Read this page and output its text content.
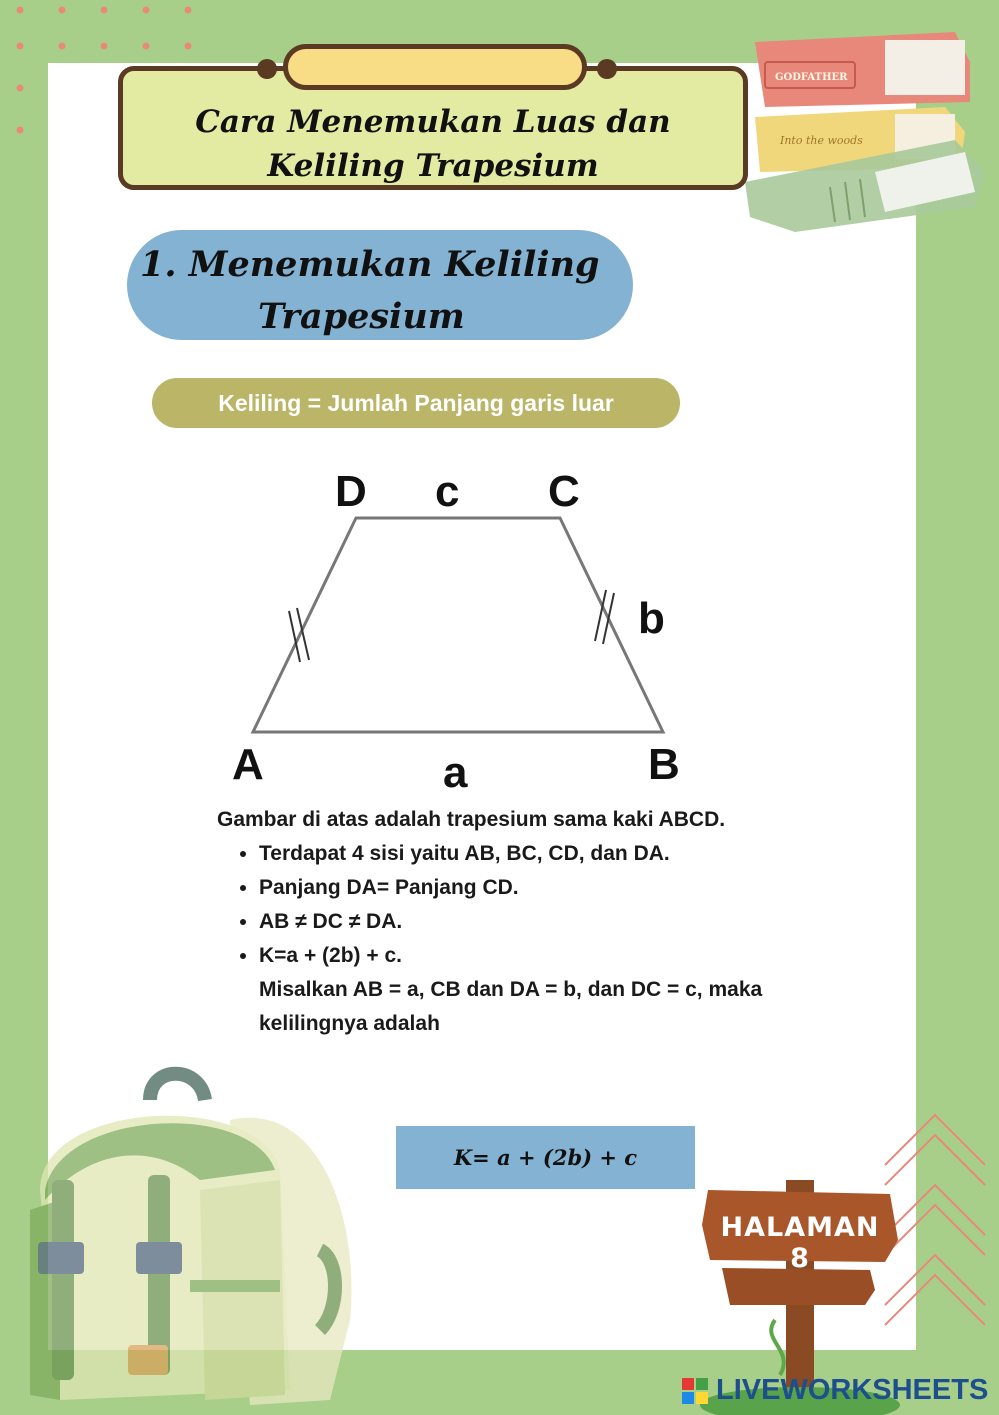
GODFATHER
Into the woods
Cara Menemukan Luas dan
Keliling Trapesium
1. Menemukan Keliling
Trapesium
Keliling = Jumlah Panjang garis luar
D c C
b
A	a	B
Gambar di atas adalah trapesium sama kaki ABCD.
• Terdapat 4 sisi yaitu AB, BC, CD, dan DA.
• Panjang DA= Panjang CD.
• AB ≠ DC ≠ DA.
• K=a + (2b) + c.
Misalkan AB = a, CB dan DA = b, dan DC = c, maka kelilingnya adalah
K= a + (2b) + c
HALAMAN 8
LIVEWORKSHEETS
